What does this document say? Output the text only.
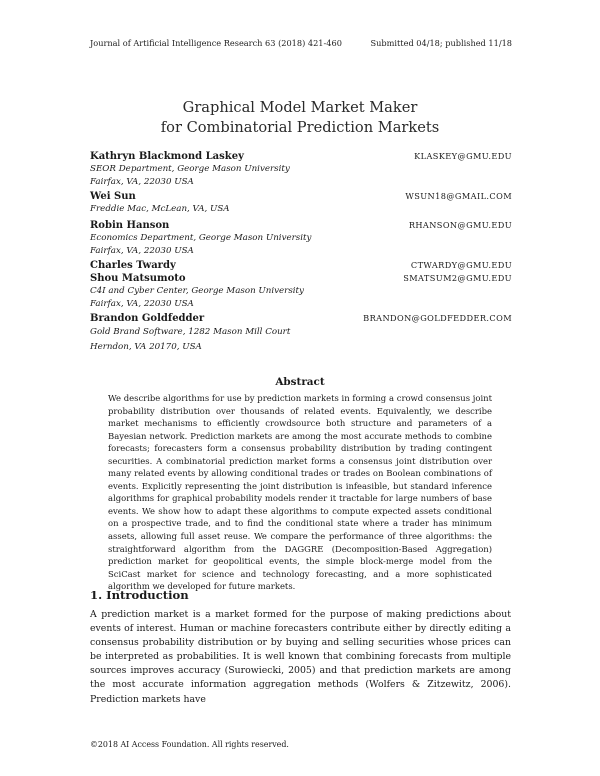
Journal of Artificial Intelligence Research 63 (2018) 421-460	Submitted 04/18; published 11/18
Graphical Model Market Maker
for Combinatorial Prediction Markets
Kathryn Blackmond Laskey	KLASKEY@GMU.EDU
SEOR Department, George Mason University
Fairfax, VA, 22030 USA
Wei Sun	WSUN18@GMAIL.COM
Freddie Mac, McLean, VA, USA
Robin Hanson	RHANSON@GMU.EDU
Economics Department, George Mason University
Fairfax, VA, 22030 USA
Charles Twardy	CTWARDY@GMU.EDU
Shou Matsumoto	SMATSUM2@GMU.EDU
C4I and Cyber Center, George Mason University
Fairfax, VA, 22030 USA
Brandon Goldfedder	BRANDON@GOLDFEDDER.COM
Gold Brand Software, 1282 Mason Mill Court
Herndon, VA 20170, USA
Abstract
We describe algorithms for use by prediction markets in forming a crowd consensus joint probability distribution over thousands of related events. Equivalently, we describe market mechanisms to efficiently crowdsource both structure and parameters of a Bayesian network. Prediction markets are among the most accurate methods to combine forecasts; forecasters form a consensus probability distribution by trading contingent securities. A combinatorial prediction market forms a consensus joint distribution over many related events by allowing conditional trades or trades on Boolean combinations of events. Explicitly representing the joint distribution is infeasible, but standard inference algorithms for graphical probability models render it tractable for large numbers of base events. We show how to adapt these algorithms to compute expected assets conditional on a prospective trade, and to find the conditional state where a trader has minimum assets, allowing full asset reuse. We compare the performance of three algorithms: the straightforward algorithm from the DAGGRE (Decomposition-Based Aggregation) prediction market for geopolitical events, the simple block-merge model from the SciCast market for science and technology forecasting, and a more sophisticated algorithm we developed for future markets.
1. Introduction
A prediction market is a market formed for the purpose of making predictions about events of interest. Human or machine forecasters contribute either by directly editing a consensus probability distribution or by buying and selling securities whose prices can be interpreted as probabilities. It is well known that combining forecasts from multiple sources improves accuracy (Surowiecki, 2005) and that prediction markets are among the most accurate information aggregation methods (Wolfers & Zitzewitz, 2006). Prediction markets have
©2018 AI Access Foundation. All rights reserved.
